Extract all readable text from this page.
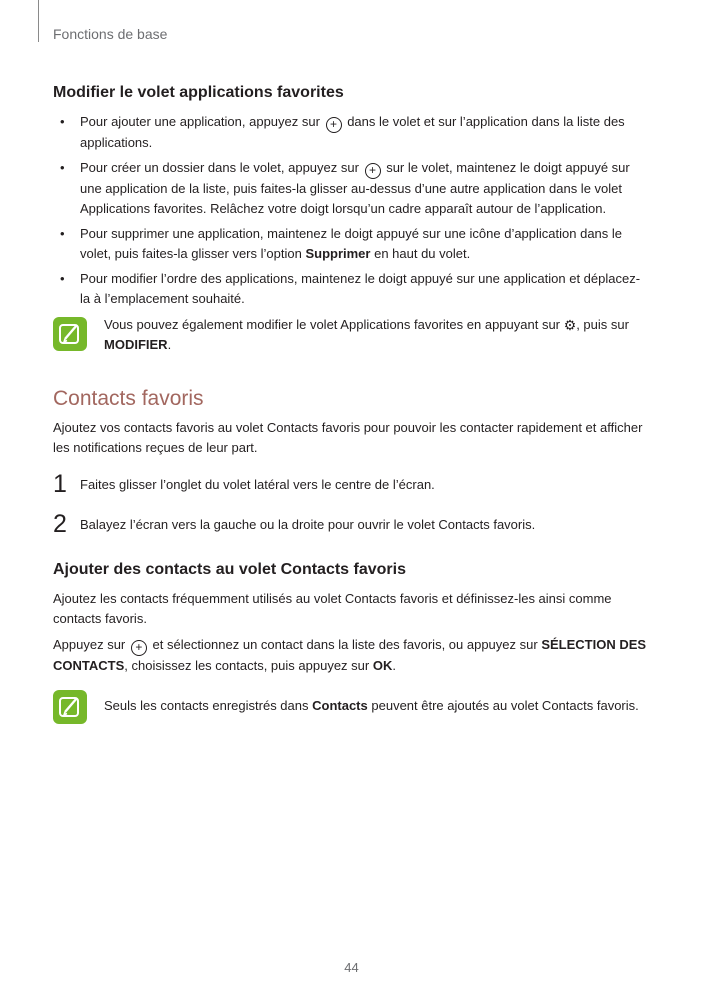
Fonctions de base
Modifier le volet applications favorites
• Pour ajouter une application, appuyez sur + dans le volet et sur l’application dans la liste des applications.
• Pour créer un dossier dans le volet, appuyez sur + sur le volet, maintenez le doigt appuyé sur une application de la liste, puis faites-la glisser au-dessus d’une autre application dans le volet Applications favorites. Relâchez votre doigt lorsqu’un cadre apparaît autour de l’application.
• Pour supprimer une application, maintenez le doigt appuyé sur une icône d’application dans le volet, puis faites-la glisser vers l’option Supprimer en haut du volet.
• Pour modifier l’ordre des applications, maintenez le doigt appuyé sur une application et déplacez-la à l’emplacement souhaité.

Vous pouvez également modifier le volet Applications favorites en appuyant sur ⚙, puis sur MODIFIER.

Contacts favoris

Ajoutez vos contacts favoris au volet Contacts favoris pour pouvoir les contacter rapidement et afficher les notifications reçues de leur part.

1 Faites glisser l’onglet du volet latéral vers le centre de l’écran.
2 Balayez l’écran vers la gauche ou la droite pour ouvrir le volet Contacts favoris.
Ajouter des contacts au volet Contacts favoris

Ajoutez les contacts fréquemment utilisés au volet Contacts favoris et définissez-les ainsi comme contacts favoris.

Appuyez sur + et sélectionnez un contact dans la liste des favoris, ou appuyez sur SÉLECTION DES CONTACTS, choisissez les contacts, puis appuyez sur OK.

Seuls les contacts enregistrés dans Contacts peuvent être ajoutés au volet Contacts favoris.

44
